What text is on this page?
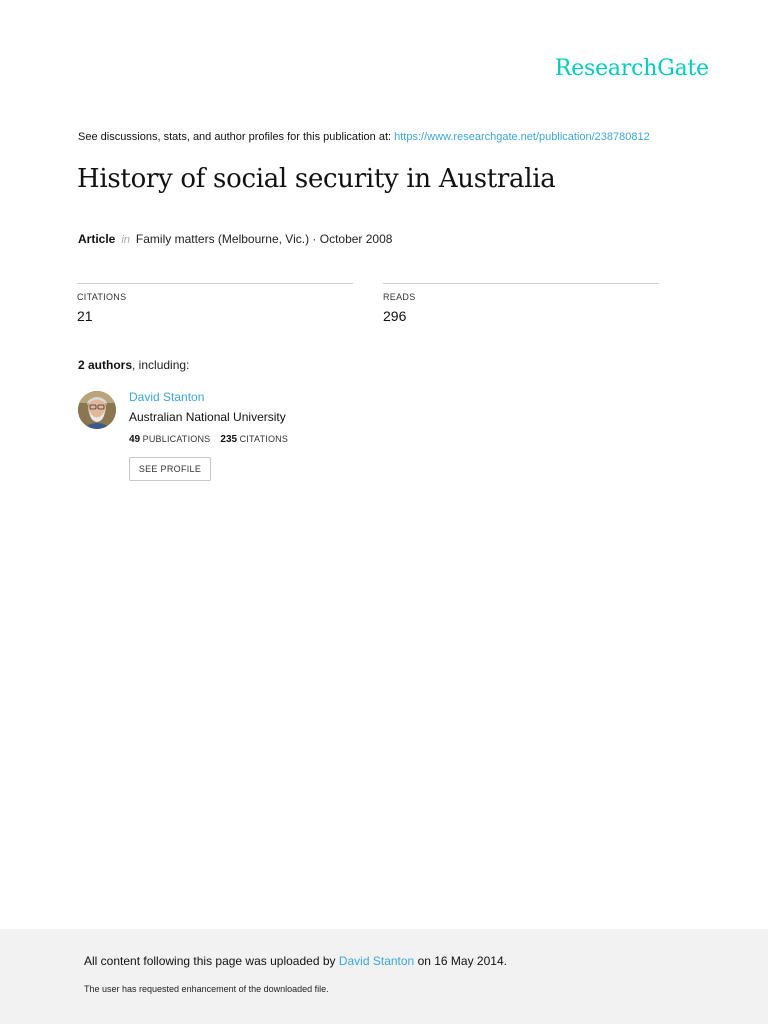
ResearchGate
See discussions, stats, and author profiles for this publication at: https://www.researchgate.net/publication/238780812
History of social security in Australia
Article in Family matters (Melbourne, Vic.) · October 2008
CITATIONS
21
READS
296
2 authors, including:
David Stanton
Australian National University
49 PUBLICATIONS 235 CITATIONS
SEE PROFILE
All content following this page was uploaded by David Stanton on 16 May 2014.
The user has requested enhancement of the downloaded file.
